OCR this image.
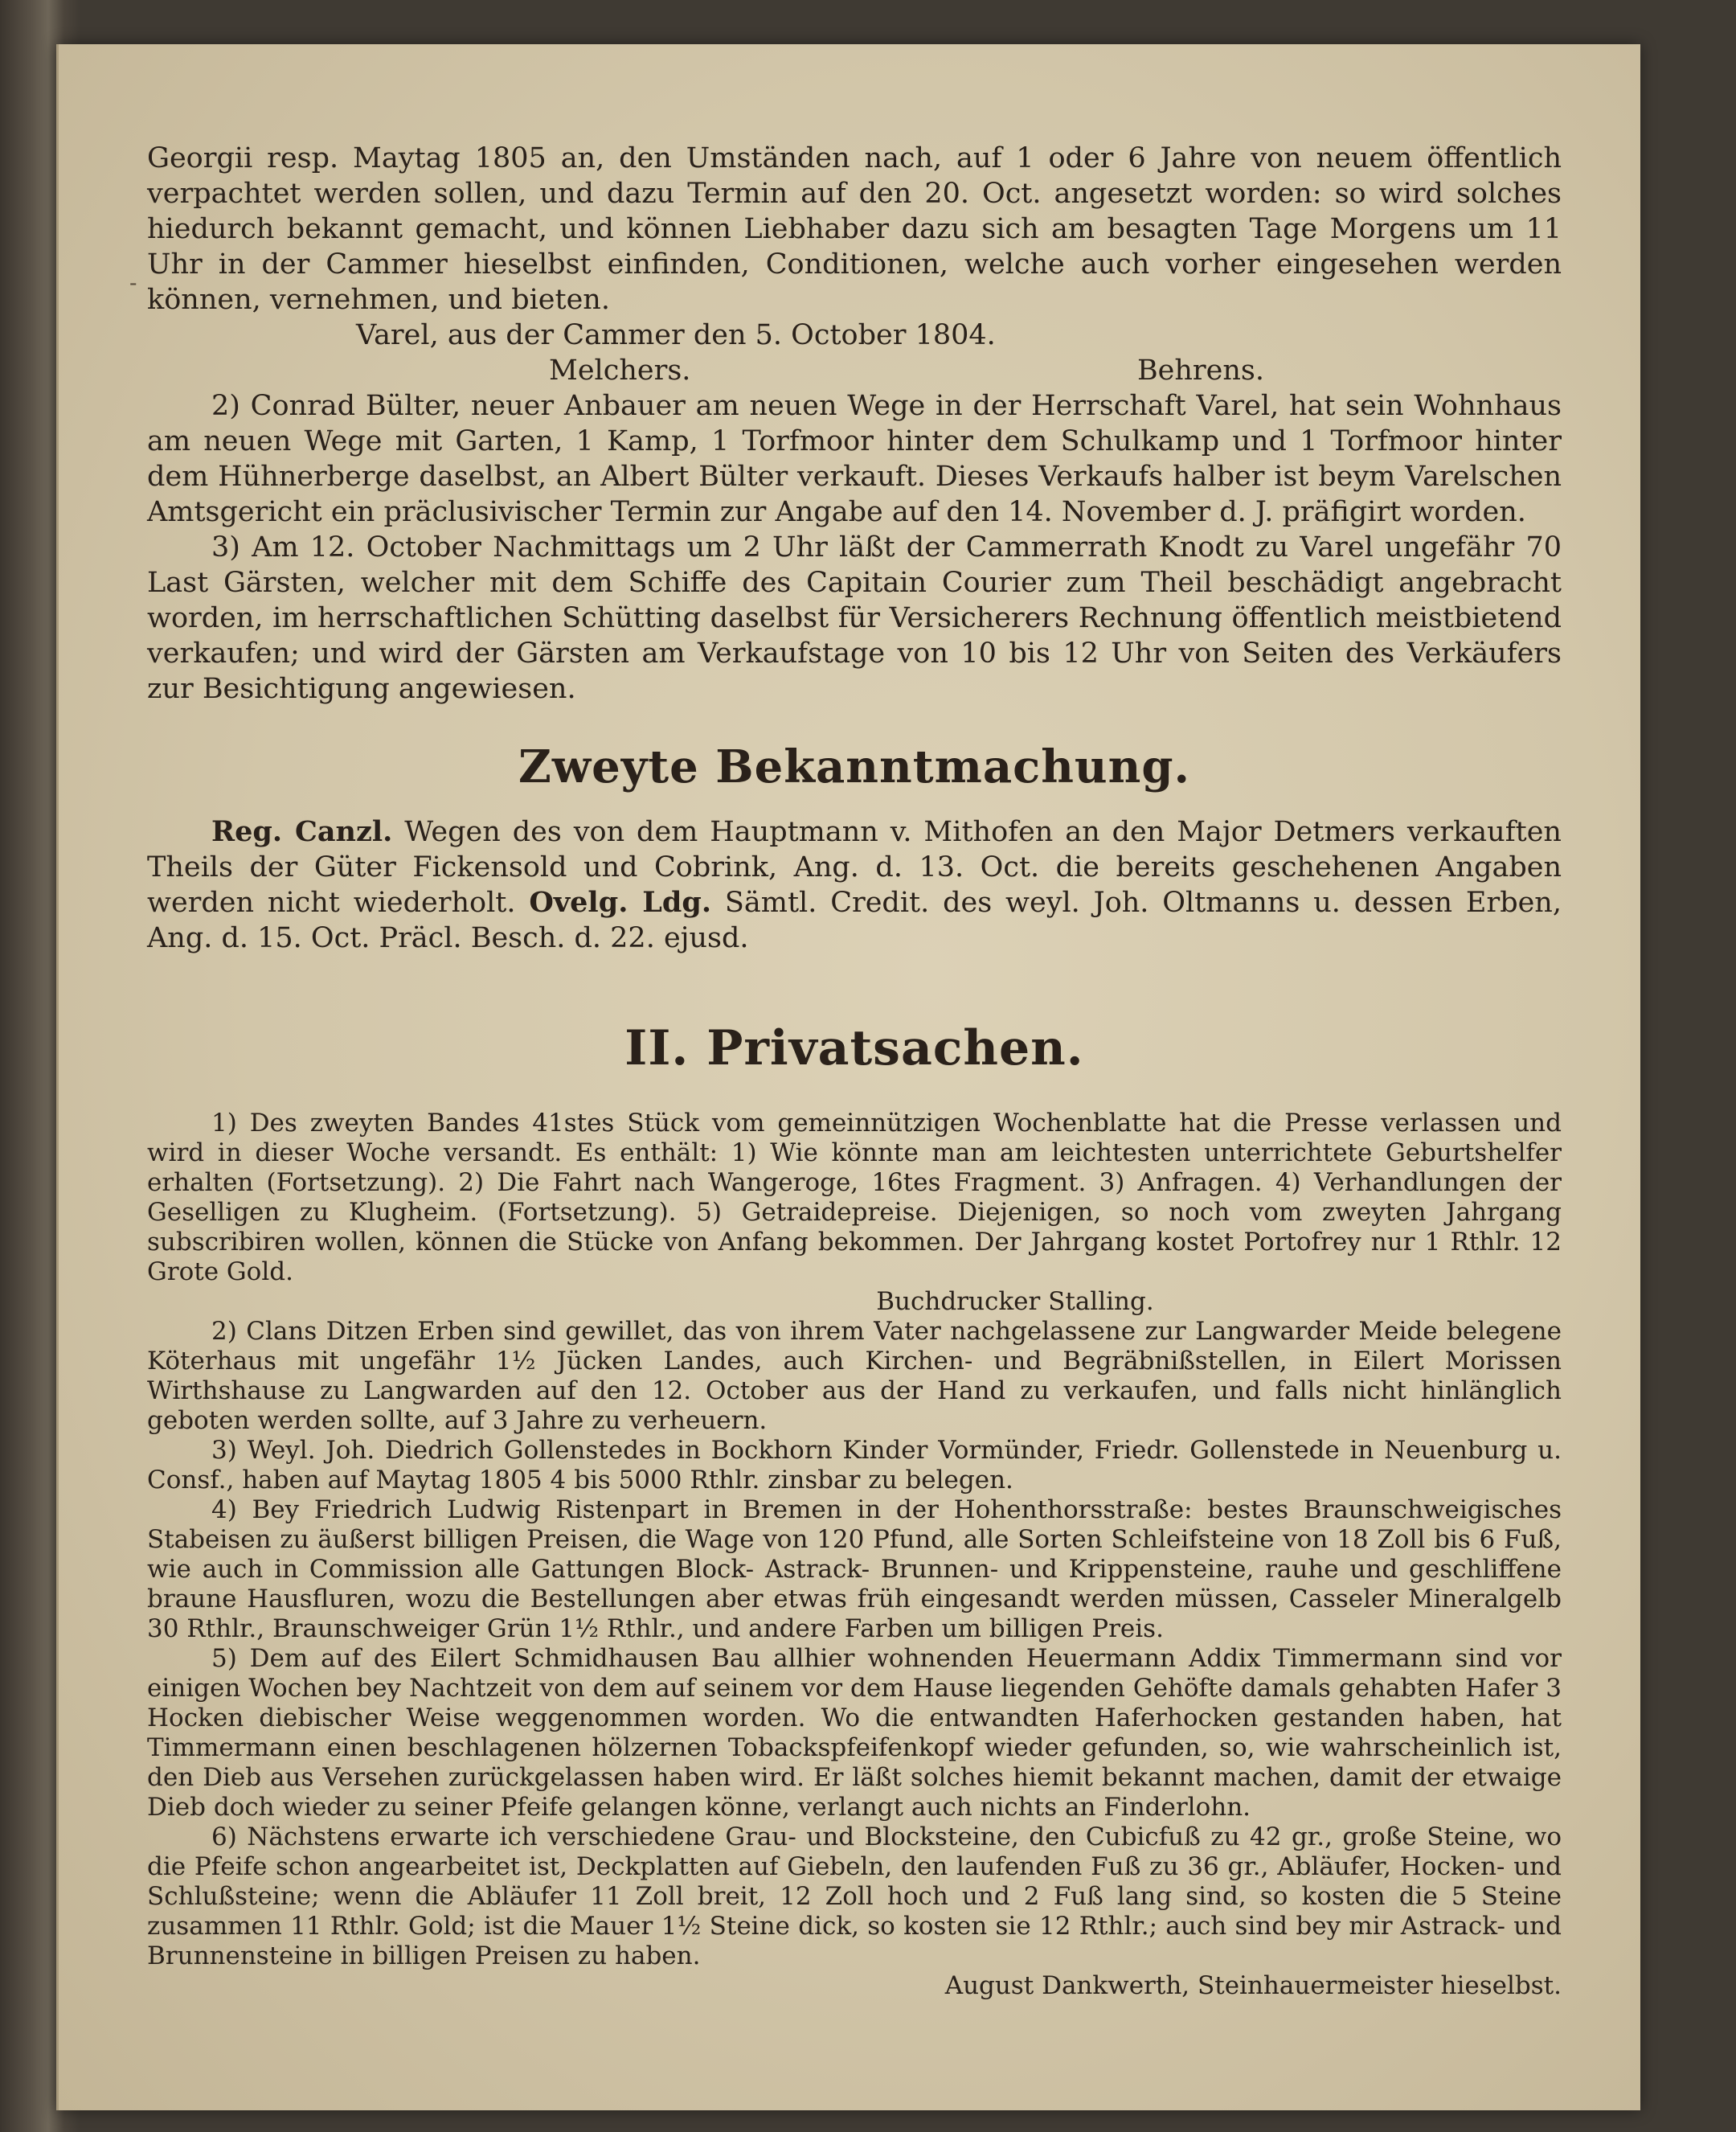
-

Georgii resp. Maytag 1805 an, den Umständen nach, auf 1 oder 6 Jahre von neuem öffentlich verpachtet werden sollen, und dazu Termin auf den 20. Oct. angesetzt worden: so wird solches hiedurch bekannt gemacht, und können Liebhaber dazu sich am besagten Tage Morgens um 11 Uhr in der Cammer hieselbst einfinden, Conditionen, welche auch vorher eingesehen werden können, vernehmen, und bieten.

Varel, aus der Cammer den 5. October 1804.

Melchers.	Behrens.

2) Conrad Bülter, neuer Anbauer am neuen Wege in der Herrschaft Varel, hat sein Wohnhaus am neuen Wege mit Garten, 1 Kamp, 1 Torfmoor hinter dem Schulkamp und 1 Torfmoor hinter dem Hühnerberge daselbst, an Albert Bülter verkauft. Dieses Verkaufs halber ist beym Varelschen Amtsgericht ein präclusivischer Termin zur Angabe auf den 14. November d. J. präfigirt worden.

3) Am 12. October Nachmittags um 2 Uhr läßt der Cammerrath Knodt zu Varel ungefähr 70 Last Gärsten, welcher mit dem Schiffe des Capitain Courier zum Theil beschädigt angebracht worden, im herrschaftlichen Schütting daselbst für Versicherers Rechnung öffentlich meistbietend verkaufen; und wird der Gärsten am Verkaufstage von 10 bis 12 Uhr von Seiten des Verkäufers zur Besichtigung angewiesen.

Zweyte Bekanntmachung.

Reg. Canzl. Wegen des von dem Hauptmann v. Mithofen an den Major Detmers verkauften Theils der Güter Fickensold und Cobrink, Ang. d. 13. Oct. die bereits geschehenen Angaben werden nicht wiederholt. Ovelg. Ldg. Sämtl. Credit. des weyl. Joh. Oltmanns u. dessen Erben, Ang. d. 15. Oct. Präcl. Besch. d. 22. ejusd.

II. Privatsachen.

1) Des zweyten Bandes 41stes Stück vom gemeinnützigen Wochenblatte hat die Presse verlassen und wird in dieser Woche versandt. Es enthält: 1) Wie könnte man am leichtesten unterrichtete Geburtshelfer erhalten (Fortsetzung). 2) Die Fahrt nach Wangeroge, 16tes Fragment. 3) Anfragen. 4) Verhandlungen der Geselligen zu Klugheim. (Fortsetzung). 5) Getraidepreise. Diejenigen, so noch vom zweyten Jahrgang subscribiren wollen, können die Stücke von Anfang bekommen. Der Jahrgang kostet Portofrey nur 1 Rthlr. 12 Grote Gold.

Buchdrucker Stalling.

2) Clans Ditzen Erben sind gewillet, das von ihrem Vater nachgelassene zur Langwarder Meide belegene Köterhaus mit ungefähr 1½ Jücken Landes, auch Kirchen- und Begräbnißstellen, in Eilert Morissen Wirthshause zu Langwarden auf den 12. October aus der Hand zu verkaufen, und falls nicht hinlänglich geboten werden sollte, auf 3 Jahre zu verheuern.

3) Weyl. Joh. Diedrich Gollenstedes in Bockhorn Kinder Vormünder, Friedr. Gollenstede in Neuenburg u. Consf., haben auf Maytag 1805 4 bis 5000 Rthlr. zinsbar zu belegen.

4) Bey Friedrich Ludwig Ristenpart in Bremen in der Hohenthorsstraße: bestes Braunschweigisches Stabeisen zu äußerst billigen Preisen, die Wage von 120 Pfund, alle Sorten Schleifsteine von 18 Zoll bis 6 Fuß, wie auch in Commission alle Gattungen Block- Astrack- Brunnen- und Krippensteine, rauhe und geschliffene braune Hausfluren, wozu die Bestellungen aber etwas früh eingesandt werden müssen, Casseler Mineralgelb 30 Rthlr., Braunschweiger Grün 1½ Rthlr., und andere Farben um billigen Preis.

5) Dem auf des Eilert Schmidhausen Bau allhier wohnenden Heuermann Addix Timmermann sind vor einigen Wochen bey Nachtzeit von dem auf seinem vor dem Hause liegenden Gehöfte damals gehabten Hafer 3 Hocken diebischer Weise weggenommen worden. Wo die entwandten Haferhocken gestanden haben, hat Timmermann einen beschlagenen hölzernen Tobackspfeifenkopf wieder gefunden, so, wie wahrscheinlich ist, den Dieb aus Versehen zurückgelassen haben wird. Er läßt solches hiemit bekannt machen, damit der etwaige Dieb doch wieder zu seiner Pfeife gelangen könne, verlangt auch nichts an Finderlohn.

6) Nächstens erwarte ich verschiedene Grau- und Blocksteine, den Cubicfuß zu 42 gr., große Steine, wo die Pfeife schon angearbeitet ist, Deckplatten auf Giebeln, den laufenden Fuß zu 36 gr., Abläufer, Hocken- und Schlußsteine; wenn die Abläufer 11 Zoll breit, 12 Zoll hoch und 2 Fuß lang sind, so kosten die 5 Steine zusammen 11 Rthlr. Gold; ist die Mauer 1½ Steine dick, so kosten sie 12 Rthlr.; auch sind bey mir Astrack- und Brunnensteine in billigen Preisen zu haben.

August Dankwerth, Steinhauermeister hieselbst.
